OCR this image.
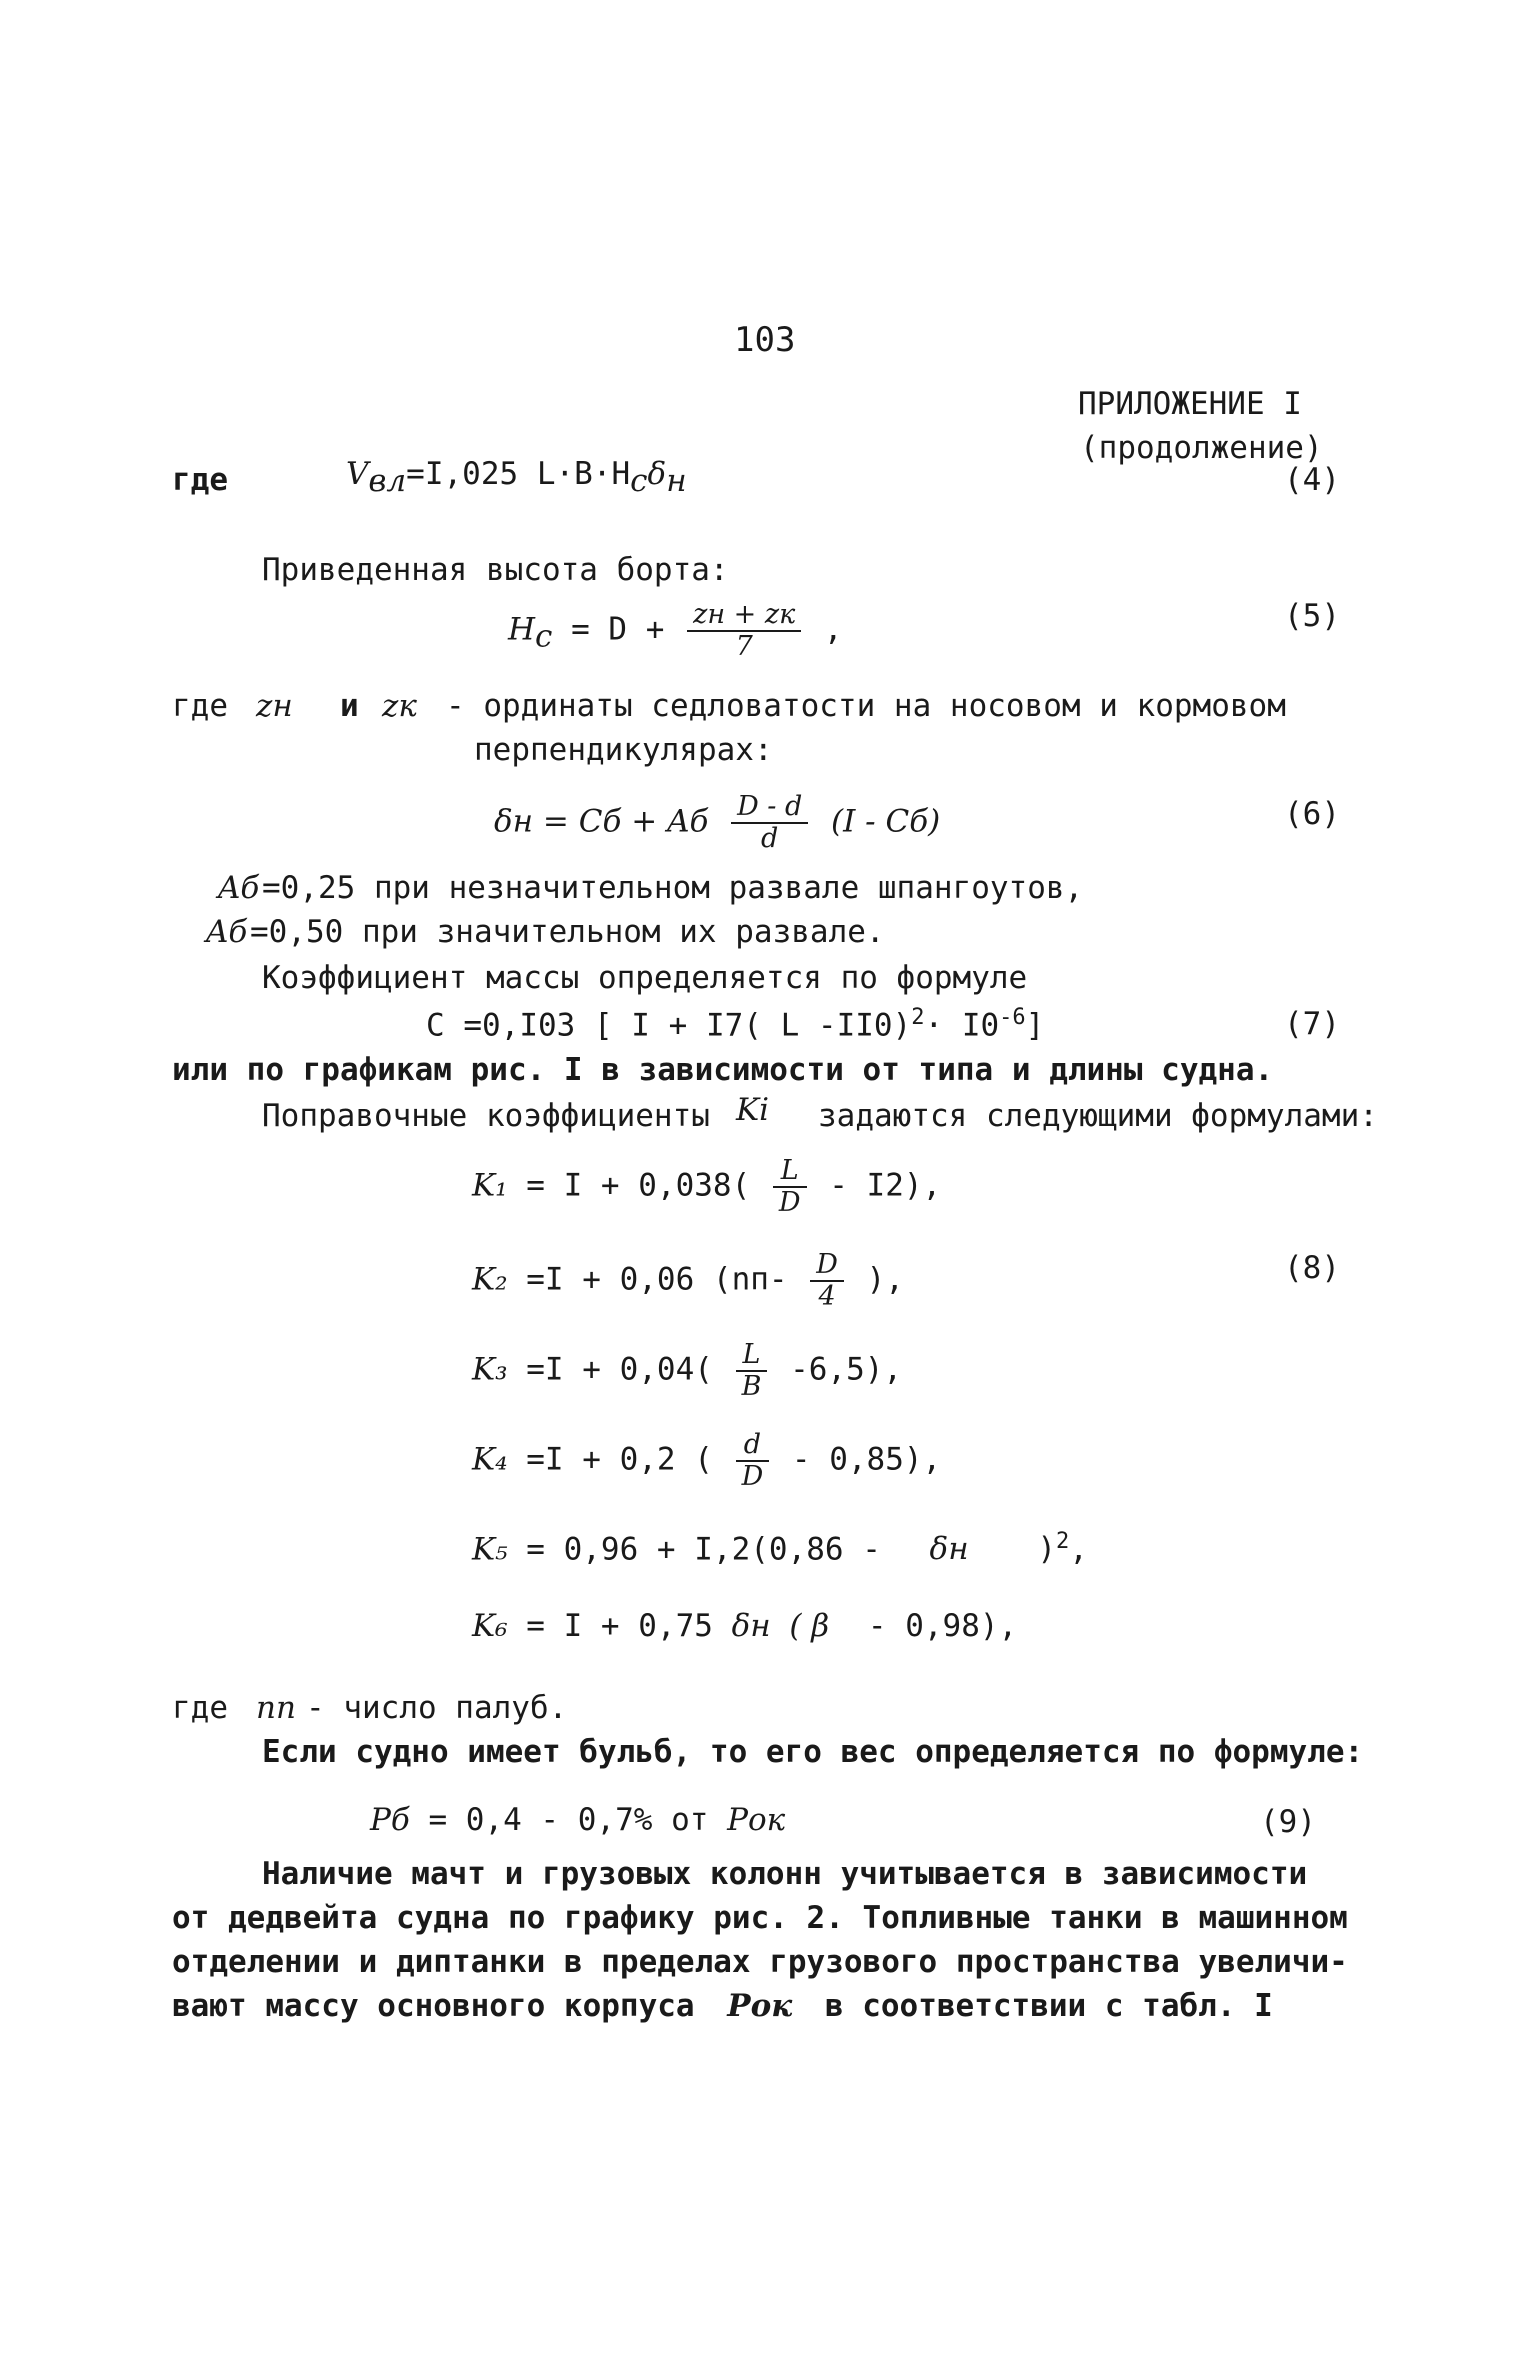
103
ПРИЛОЖЕНИЕ I
(продолжение)
где	$V_{вл}=I,025$ $L\cdot B\cdot H_c\delta_н$	(4)
Приведенная высота борта:
$H_c = D + \frac{zн + zк}{7}$ ,	(5)
где zн и zк - ординаты седловатости на носовом и кормовом
перпендикулярах:
δн = Cб + Aб $\frac{D - d}{d} (I - Cб)$	(6)
Aб =0,25 при незначительном развале шпангоутов,
Aб =0,50 при значительном их развале.
Коэффициент массы определяется по формуле
C =0,I03 [ I + I7( L $-II0)^2\cdot I0^{-6}$]	(7)
или по графикам рис. I в зависимости от типа и длины судна.
Поправочные коэффициенты Ki задаются следующими формулами:
$K_1 = I + 0,038( \frac{L}{D} - I2)$,
K₂ =I + 0,06 ($nп- \frac{D}{4}$ ),	(8)
$K_3 =I + 0,04( \frac{L}{B} -6,5)$,
K₄ =I + 0,2 ( $\frac{d}{D} - 0,85$),
K₅ = 0,96 + I,2(0,86 - δн )$^2$,
K₆ = I + 0,75 δн ( β - 0,98),
где nп - число палуб.
Если судно имеет бульб, то его вес определяется по формуле:
Pб = 0,4 - 0,7% от Pок	(9)
Наличие мачт и грузовых колонн учитывается в зависимости
от дедвейта судна по графику рис. 2. Топливные танки в машинном
отделении и диптанки в пределах грузового пространства увеличи-
вают массу основного корпуса Pок в соответствии с табл. I
